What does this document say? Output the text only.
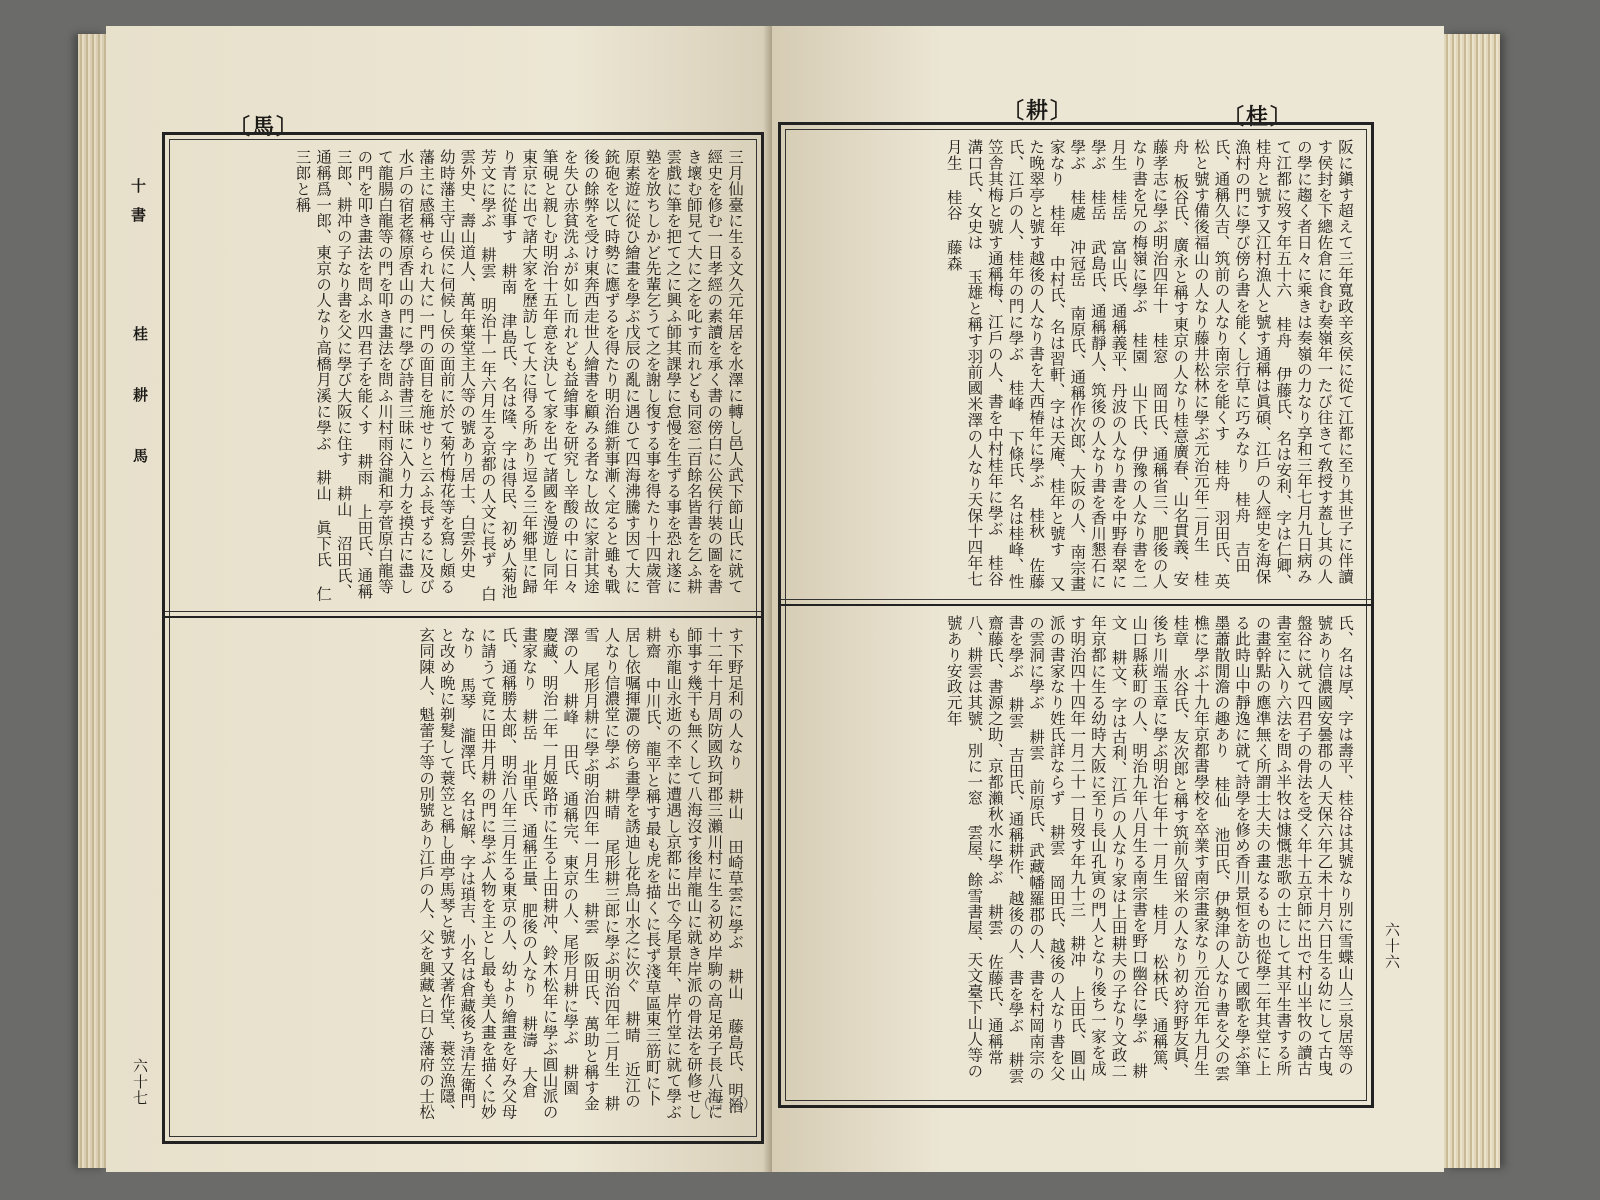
〔馬〕
十書
桂 耕 馬
六十七
三月仙臺に生る文久元年居を水澤に轉し邑人武下節山氏に就て經史を修む一日孝經の素讀を承く書の傍白に公侯行裝の圖を書き壞む師見て大に之を叱す而れども同窓二百餘名皆書を乞ふ耕雲戲に筆を把て之に興ふ師其課學に怠慢を生ずる事を恐れ遂に塾を放ちしかど先輩乞うて之を謝し復する事を得たり十四歲菅原素遊に從ひ繪畫を學ぶ戊辰の亂に遇ひて四海沸騰す因て大に銃砲を以て時勢に應ずるを得たり明治維新事漸く定ると雖も戰後の餘弊を受け東奔西走世人繪書を顧みる者なし故に家計其途を失ひ赤貧洗ふが如し而れども益繪事を研究し辛酸の中に日々筆硯と親しむ明治十五年意を決して家を出て諸國を漫遊し同年東京に出で諸大家を歷訪して大に得る所あり逗る三年郷里に歸り青に從事す 耕南 津島氏、名は隆、字は得民、初め人菊池芳文に學ぶ 耕雲 明治十一年六月生る京都の人文に長ず 白雲外史、壽山道人、萬年葉堂主人等の號あり居士、白雲外史 幼時藩主守山侯に伺候し侯の面前に於て菊竹梅花等を寫し頗る藩主に感稱せられ大に一門の面目を施せりと云ふ長ずるに及び水戶の宿老篠原香山の門に學び詩書三昧に入り力を摸古に盡して龍腸白龍等の門を叩き畫法を問ふ川村雨谷瀧和亭菅原白龍等の門を叩き畫法を問ふ水四君子を能くす 耕雨 上田氏、通稱三郎、耕冲の子なり書を父に學び大阪に住す 耕山 沼田氏、通稱爲一郎、東京の人なり高橋月溪に學ぶ 耕山 眞下氏 仁三郎と稱
す下野足利の人なり 耕山 田崎草雲に學ぶ 耕山 藤島氏、明治十二年十月周防國玖珂郡三瀨川村に生る初め岸駒の高足弟子長八海に師事す幾干も無くして八海沒す後岸龍山に就き岸派の骨法を研修せしも亦龍山永逝の不幸に遭遇し京都に出で今尾景年、岸竹堂に就て學ぶ 耕齋 中川氏、龍平と稱す最も虎を描くに長ず淺草區東三筋町に卜居し依嘱揮灑の傍ら畫學を誘迪し花鳥山水之に次ぐ 耕晴 近江の人なり信濃堂に學ぶ 耕晴 尾形耕三郎に學ぶ明治四年二月生 耕雪 尾形月耕に學ぶ明治四年一月生 耕雲 阪田氏、萬助と稱す金澤の人 耕峰 田氏、通稱完、東京の人、尾形月耕に學ぶ 耕園 慶藏、明治二年一月姬路市に生る上田耕冲、鈴木松年に學ぶ圓山派の畫家なり 耕岳 北里氏、通稱正量、肥後の人なり 耕濤 大倉氏、通稱勝太郎、明治八年三月生る東京の人、幼より繪畫を好み父母に請うて竟に田井月耕の門に學ぶ人物を主とし最も美人畫を描くに妙なり 馬琴 瀧澤氏、名は解、字は瑣吉、小名は倉藏後ち清左衛門と改め晩に剃髮して蓑笠と稱し曲亭馬琴と號す又著作堂、蓑笠漁隱、玄同陳人、魁蕾子等の別號あり江戶の人、父を興藏と曰ひ藩府の士松	（吉 岡）
〔耕〕	〔桂〕
六十六
阪に鎭す超えて三年寬政辛亥侯に從て江都に至り其世子に伴讀す侯封を下總佐倉に食む奏嶺年一たび往きて敎授す蓋し其の人の學に趨く者日々に乘きは奏嶺の力なり享和三年七月九日病みて江都に歿す年五十六 桂舟 伊藤氏、名は安利、字は仁卿、桂舟と號す又江村漁人と號す通稱は眞碩、江戶の人經史を海保漁村の門に學び傍ら書を能くし行草に巧みなり 桂舟 吉田氏、通稱久吉、筑前の人なり南宗を能くす 桂舟 羽田氏、英松と號す備後福山の人なり藤井松林に學ぶ元治元年二月生 桂舟 板谷氏、廣永と稱す東京の人なり桂意廣春、山名貫義、安藤孝志に學ぶ明治四年十 桂窓 岡田氏、通稱省三、肥後の人なり書を兄の梅嶺に學ぶ 桂園 山下氏、伊豫の人なり書を二月生 桂岳 富山氏、通稱義平、丹波の人なり書を中野春翠に學ぶ 桂岳 武島氏、通稱靜人、筑後の人なり書を香川懇石に學ぶ 桂處 冲冠岳 南原氏、通稱作次郎、大阪の人、南宗畫家なり 桂年 中村氏、名は習軒、字は天庵、桂年と號す 又た晚翠亭と號す越後の人なり書を大西椿年に學ぶ 桂秋 佐藤氏、江戶の人、桂年の門に學ぶ 桂峰 下條氏、名は桂峰、性笠舎其梅と號す通稱梅、江戶の人、書を中村桂年に學ぶ 桂谷 溝口氏、女史は 玉雄と稱す羽前國米澤の人なり天保十四年七月生 桂谷 藤森
氏、名は厚、字は壽平、桂谷は其號なり別に雪蝶山人三泉居等の號あり信濃國安曇郡の人天保六年乙未十月六日生る幼にして古曳盤谷に就て四君子の骨法を受く年十五京師に出で村山半牧の讀古書室に入り六法を問ふ半牧は慷慨悲歌の士にして其平生書する所の畫幹點の應凖無く所謂士大夫の畫なるもの也從學二年其堂に上る此時山中靜逸に就て詩學を修め香川景恒を訪ひて國歌を學ぶ筆墨蕭散閒澹の趣あり 桂仙 池田氏、伊勢津の人なり書を父の雲樵に學ぶ十九年京都書學校を卒業す南宗畫家なり元治元年九月生 桂章 水谷氏、友次郎と稱す筑前久留米の人なり初め狩野友眞、後ち川端玉章に學ぶ明治七年十一月生 桂月 松林氏、通稱篤、山口縣萩町の人、明治九年八月生る南宗書を野口幽谷に學ぶ 耕文 耕文、字は古利、江戶の人なり家は上田耕夫の子なり文政二年京都に生る幼時大阪に至り長山孔寅の門人となり後ち一家を成す明治四十四年一月二十一日歿す年九十三 耕冲 上田氏、圓山派の書家なり姓氏詳ならず 耕雲 岡田氏、越後の人なり書を父の雲洞に學ぶ 耕雲 前原氏、武藏幡羅郡の人、書を村岡南宗の書を學ぶ 耕雲 吉田氏、通稱耕作、越後の人、書を學ぶ 耕雲 齋藤氏、書源之助、京都瀨秋水に學ぶ 耕雲 佐藤氏、通稱常八、耕雲は其號、別に一窓 雲屋、餘雪書屋、天文臺下山人等の號あり安政元年
